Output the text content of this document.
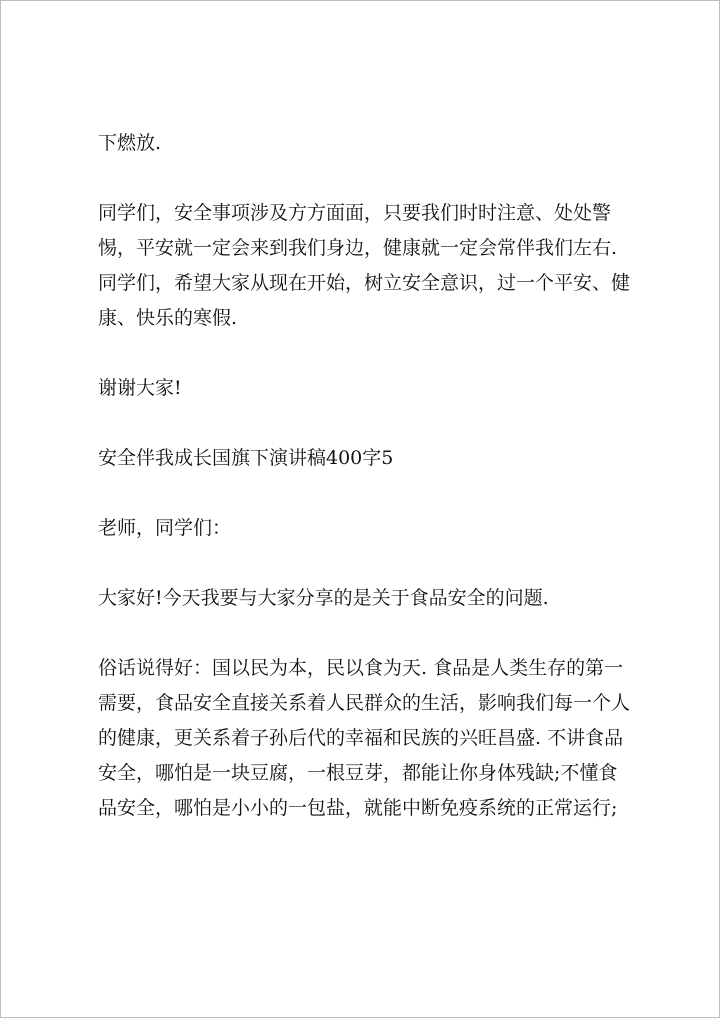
下燃放.
同学们，安全事项涉及方方面面，只要我们时时注意、处处警
惕，平安就一定会来到我们身边，健康就一定会常伴我们左右.
同学们，希望大家从现在开始，树立安全意识，过一个平安、健
康、快乐的寒假.
谢谢大家!
安全伴我成长国旗下演讲稿400字5
老师，同学们：
大家好!今天我要与大家分享的是关于食品安全的问题.
俗话说得好：国以民为本，民以食为天. 食品是人类生存的第一
需要，食品安全直接关系着人民群众的生活，影响我们每一个人
的健康，更关系着子孙后代的幸福和民族的兴旺昌盛. 不讲食品
安全，哪怕是一块豆腐，一根豆芽，都能让你身体残缺;不懂食
品安全，哪怕是小小的一包盐，就能中断免疫系统的正常运行;
